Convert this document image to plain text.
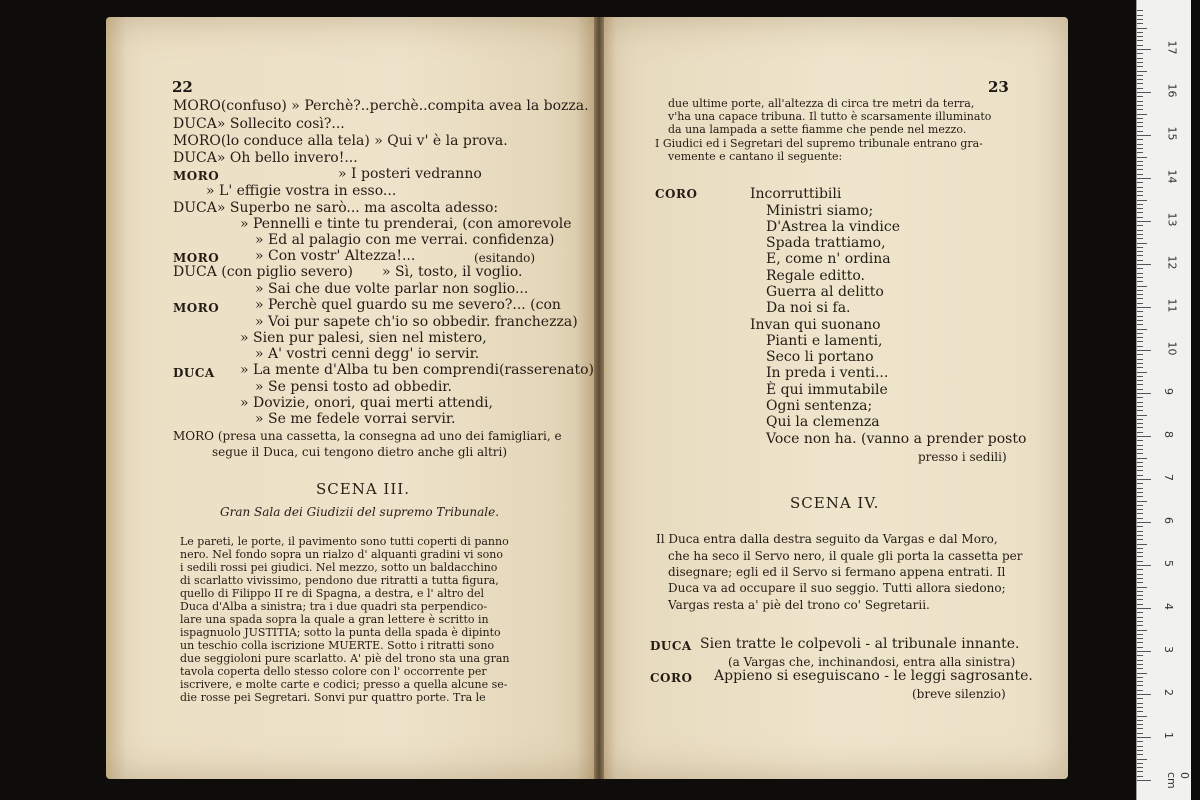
22
MORO(confuso) » Perchè?..perchè..compita avea la bozza.
DUCA» Sollecito così?...
MORO(lo conduce alla tela) » Qui v' è la prova.
DUCA» Oh bello invero!...
MORO	» I posteri vedranno
» L' effigie vostra in esso...
DUCA» Superbo ne sarò... ma ascolta adesso:
» Pennelli e tinte tu prenderai, (con amorevole
» Ed al palagio con me verrai. confidenza)
MORO	» Con vostr' Altezza!...	(esitando)
DUCA (con piglio severo) » Sì, tosto, il voglio.
» Sai che due volte parlar non soglio...
MORO	» Perchè quel guardo su me severo?... (con
» Voi pur sapete ch'io so obbedir. franchezza)
» Sien pur palesi, sien nel mistero,
» A' vostri cenni degg' io servir.
DUCA » La mente d'Alba tu ben comprendi(rasserenato)
» Se pensi tosto ad obbedir.
» Dovizie, onori, quai merti attendi,
» Se me fedele vorrai servir.
MORO (presa una cassetta, la consegna ad uno dei famigliari, e
segue il Duca, cui tengono dietro anche gli altri)
SCENA III.
Gran Sala dei Giudizii del supremo Tribunale.
Le pareti, le porte, il pavimento sono tutti coperti di panno
nero. Nel fondo sopra un rialzo d' alquanti gradini vi sono
i sedili rossi pei giudici. Nel mezzo, sotto un baldacchino
di scarlatto vivissimo, pendono due ritratti a tutta figura,
quello di Filippo II re di Spagna, a destra, e l' altro del
Duca d'Alba a sinistra; tra i due quadri sta perpendico-
lare una spada sopra la quale a gran lettere è scritto in
ispagnuolo JUSTITIA; sotto la punta della spada è dipinto
un teschio colla iscrizione MUERTE. Sotto i ritratti sono
due seggioloni pure scarlatto. A' piè del trono sta una gran
tavola coperta dello stesso colore con l' occorrente per
iscrivere, e molte carte e codici; presso a quella alcune se-
die rosse pei Segretari. Sonvi pur quattro porte. Tra le
23
due ultime porte, all'altezza di circa tre metri da terra,
v'ha una capace tribuna. Il tutto è scarsamente illuminato
da una lampada a sette fiamme che pende nel mezzo.
I Giudici ed i Segretari del supremo tribunale entrano gra-
vemente e cantano il seguente:
CORO	Incorruttibili
Ministri siamo;
D'Astrea la vindice
Spada trattiamo,
E, come n' ordina
Regale editto.
Guerra al delitto
Da noi si fa.
Invan qui suonano
Pianti e lamenti,
Seco li portano
In preda i venti...
È qui immutabile
Ogni sentenza;
Qui la clemenza
Voce non ha. (vanno a prender posto
presso i sedili)
SCENA IV.
Il Duca entra dalla destra seguito da Vargas e dal Moro,
che ha seco il Servo nero, il quale gli porta la cassetta per
disegnare; egli ed il Servo si fermano appena entrati. Il
Duca va ad occupare il suo seggio. Tutti allora siedono;
Vargas resta a' piè del trono co' Segretarii.
DUCA Sien tratte le colpevoli - al tribunale innante.
(a Vargas che, inchinandosi, entra alla sinistra)
CORO Appieno si eseguiscano - le leggi sagrosante.
(breve silenzio)
0 cm
1
2
3
4
5
6
7
8
9
10
11
12
13
14
15
16
17
